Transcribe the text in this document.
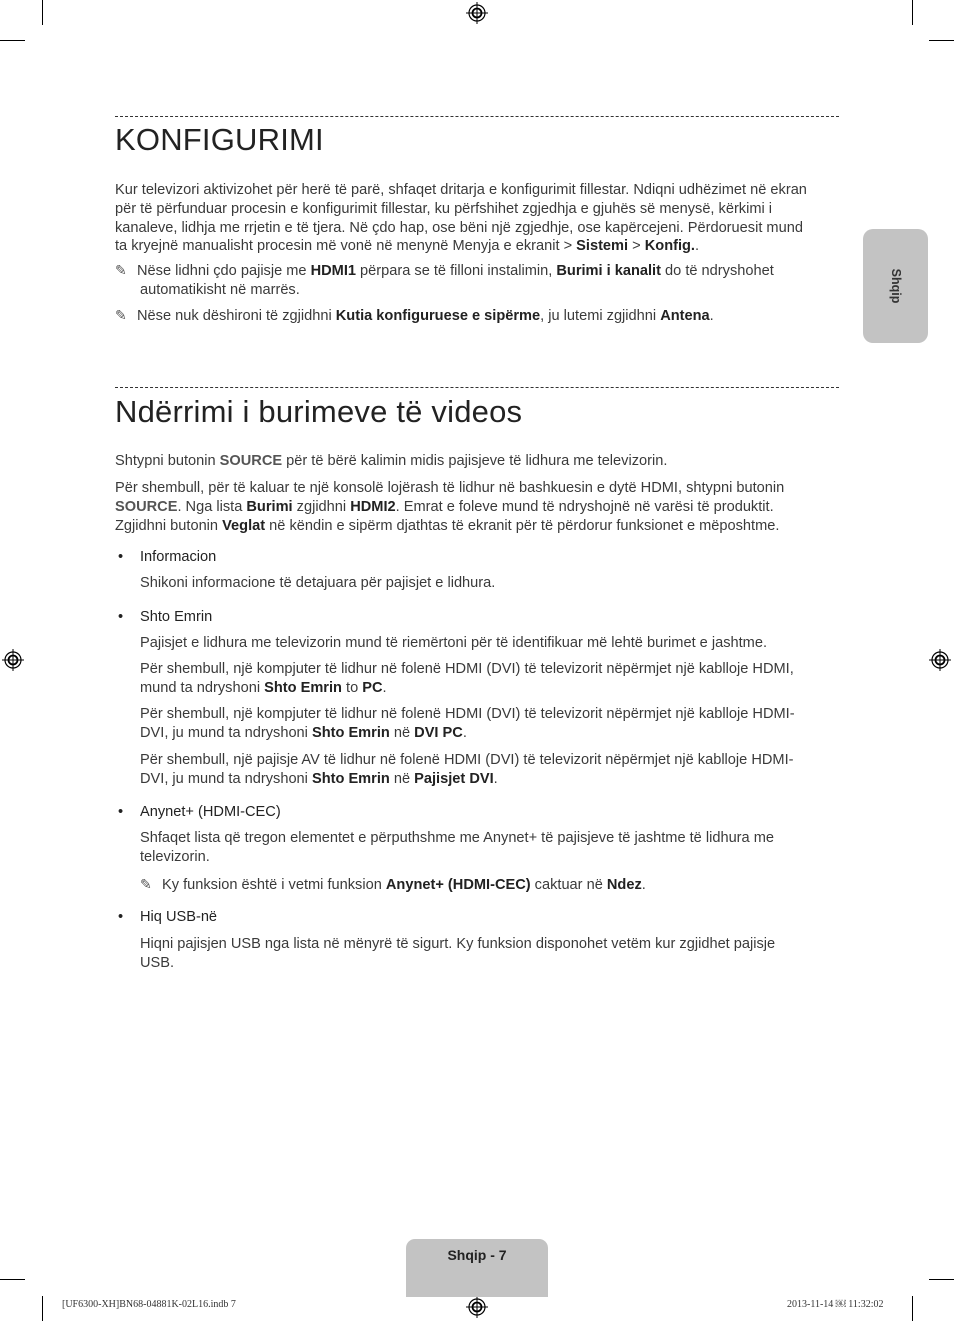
Shqip
KONFIGURIMI
Kur televizori aktivizohet për herë të parë, shfaqet dritarja e konfigurimit fillestar. Ndiqni udhëzimet në ekran
për të përfunduar procesin e konfigurimit fillestar, ku përfshihet zgjedhja e gjuhës së menysë, kërkimi i
kanaleve, lidhja me rrjetin e të tjera. Në çdo hap, ose bëni një zgjedhje, ose kapërcejeni. Përdoruesit mund
ta kryejnë manualisht procesin më vonë në menynë Menyja e ekranit > Sistemi > Konfig..
✎ Nëse lidhni çdo pajisje me HDMI1 përpara se të filloni instalimin, Burimi i kanalit do të ndryshohet
automatikisht në marrës.
✎ Nëse nuk dëshironi të zgjidhni Kutia konfiguruese e sipërme, ju lutemi zgjidhni Antena.
Ndërrimi i burimeve të videos
Shtypni butonin SOURCE për të bërë kalimin midis pajisjeve të lidhura me televizorin.
Për shembull, për të kaluar te një konsolë lojërash të lidhur në bashkuesin e dytë HDMI, shtypni butonin
SOURCE. Nga lista Burimi zgjidhni HDMI2. Emrat e foleve mund të ndryshojnë në varësi të produktit.
Zgjidhni butonin Veglat në këndin e sipërm djathtas të ekranit për të përdorur funksionet e mëposhtme.
• Informacion
Shikoni informacione të detajuara për pajisjet e lidhura.
• Shto Emrin
Pajisjet e lidhura me televizorin mund të riemërtoni për të identifikuar më lehtë burimet e jashtme.
Për shembull, një kompjuter të lidhur në folenë HDMI (DVI) të televizorit nëpërmjet një kablloje HDMI,
mund ta ndryshoni Shto Emrin to PC.
Për shembull, një kompjuter të lidhur në folenë HDMI (DVI) të televizorit nëpërmjet një kablloje HDMI-
DVI, ju mund ta ndryshoni Shto Emrin në DVI PC.
Për shembull, një pajisje AV të lidhur në folenë HDMI (DVI) të televizorit nëpërmjet një kablloje HDMI-
DVI, ju mund ta ndryshoni Shto Emrin në Pajisjet DVI.
• Anynet+ (HDMI-CEC)
Shfaqet lista që tregon elementet e përputhshme me Anynet+ të pajisjeve të jashtme të lidhura me
televizorin.
✎ Ky funksion është i vetmi funksion Anynet+ (HDMI-CEC) caktuar në Ndez.
• Hiq USB-në
Hiqni pajisjen USB nga lista në mënyrë të sigurt. Ky funksion disponohet vetëm kur zgjidhet pajisje
USB.
Shqip - 7
[UF6300-XH]BN68-04881K-02L16.indb 7	2013-11-14 ￼ 11:32:02
